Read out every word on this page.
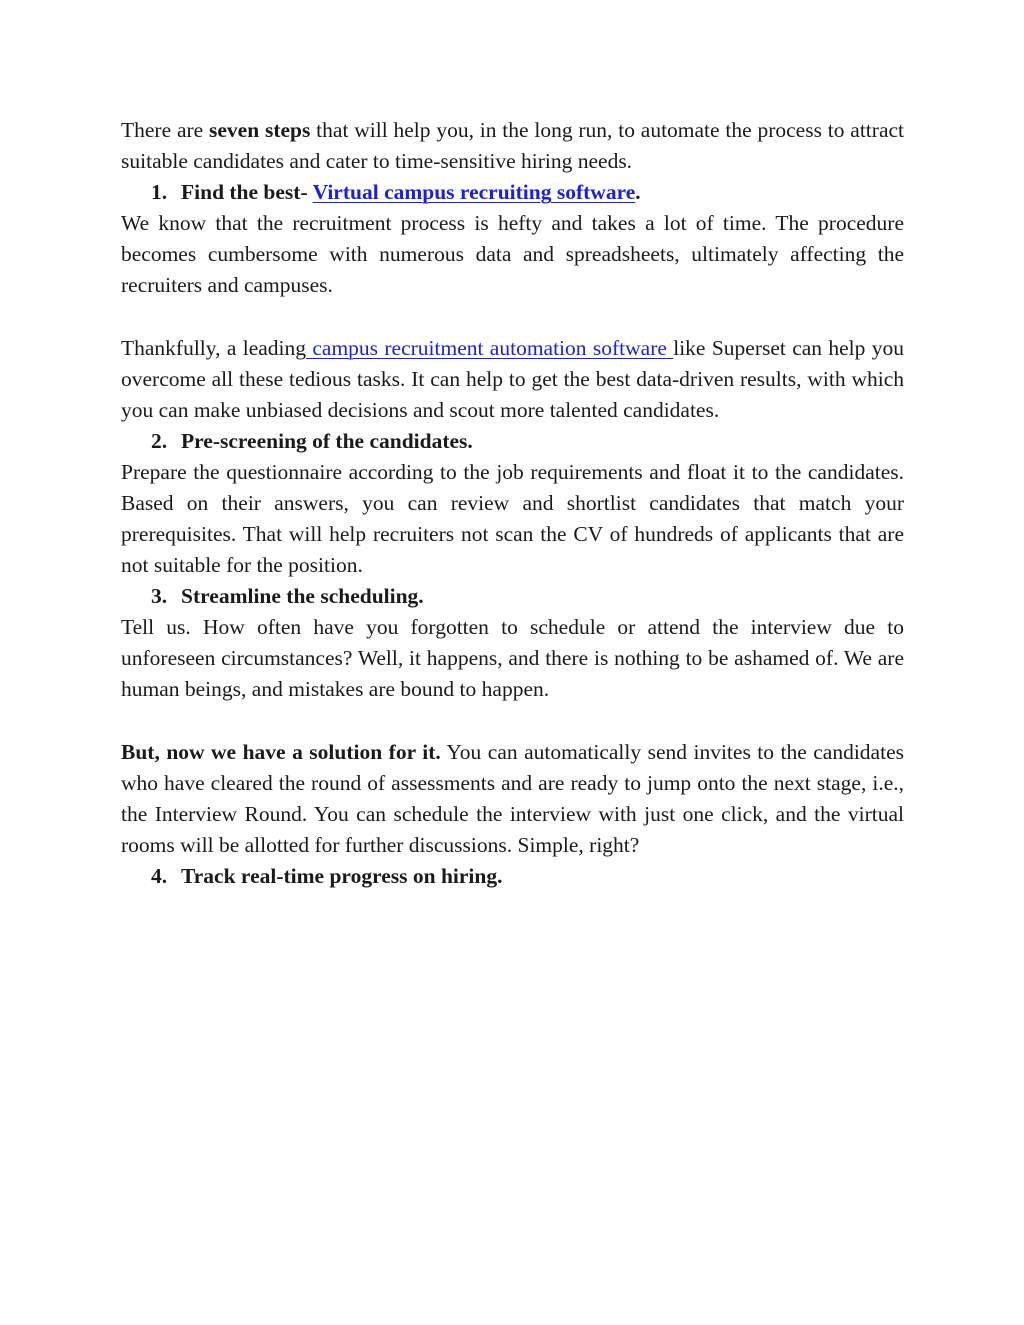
There are seven steps that will help you, in the long run, to automate the process to attract suitable candidates and cater to time-sensitive hiring needs.

1. Find the best- Virtual campus recruiting software.

We know that the recruitment process is hefty and takes a lot of time. The procedure becomes cumbersome with numerous data and spreadsheets, ultimately affecting the recruiters and campuses.

Thankfully, a leading campus recruitment automation software like Superset can help you overcome all these tedious tasks. It can help to get the best data-driven results, with which you can make unbiased decisions and scout more talented candidates.

2. Pre-screening of the candidates.

Prepare the questionnaire according to the job requirements and float it to the candidates. Based on their answers, you can review and shortlist candidates that match your prerequisites. That will help recruiters not scan the CV of hundreds of applicants that are not suitable for the position.

3. Streamline the scheduling.

Tell us. How often have you forgotten to schedule or attend the interview due to unforeseen circumstances? Well, it happens, and there is nothing to be ashamed of. We are human beings, and mistakes are bound to happen.

But, now we have a solution for it. You can automatically send invites to the candidates who have cleared the round of assessments and are ready to jump onto the next stage, i.e., the Interview Round. You can schedule the interview with just one click, and the virtual rooms will be allotted for further discussions. Simple, right?

4. Track real-time progress on hiring.
